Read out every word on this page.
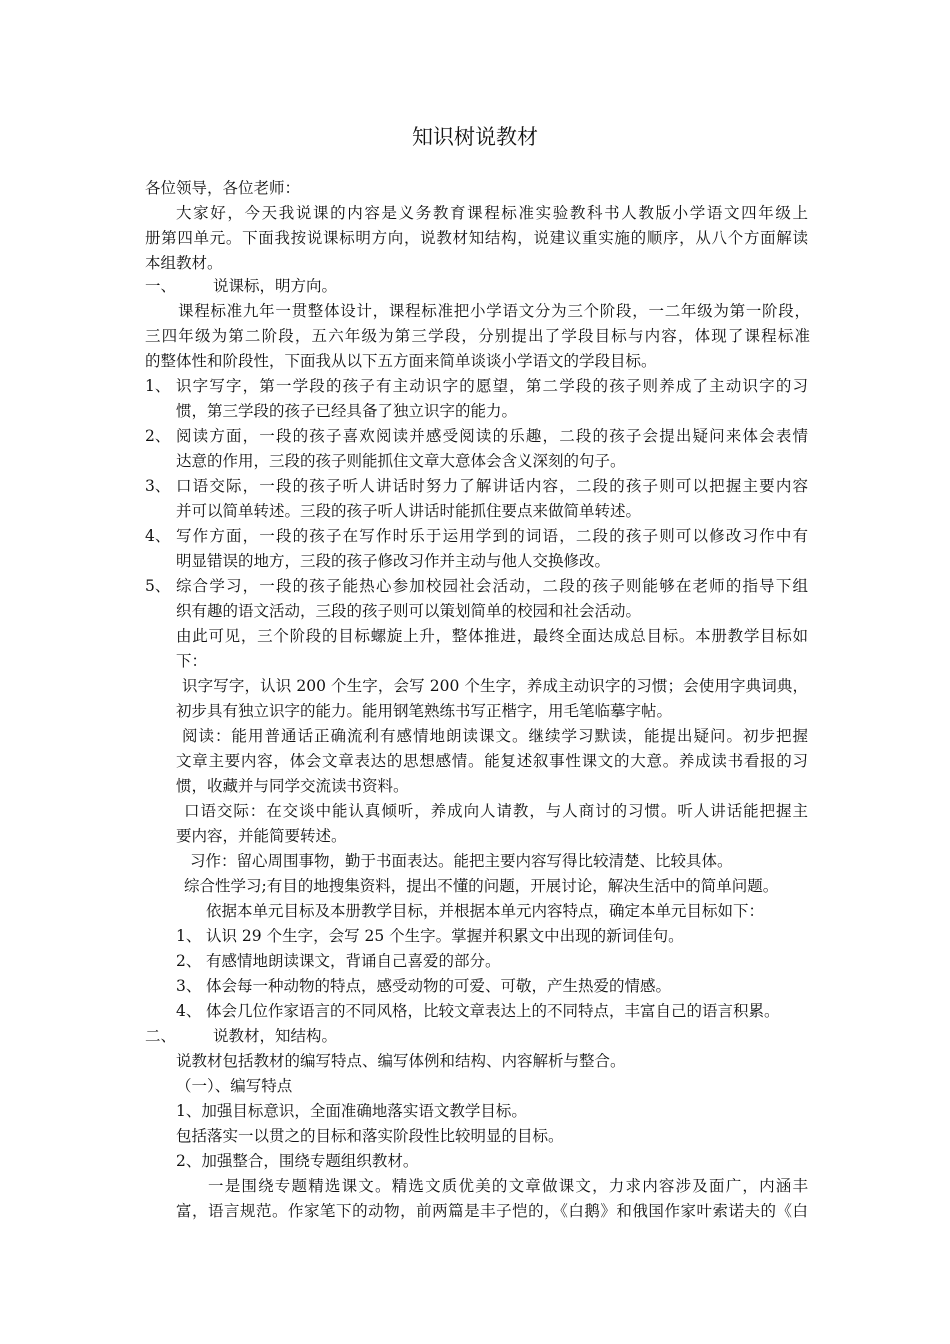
知识树说教材
各位领导，各位老师：
大家好，今天我说课的内容是义务教育课程标准实验教科书人教版小学语文四年级上
册第四单元。下面我按说课标明方向，说教材知结构，说建议重实施的顺序，从八个方面解读
本组教材。
一、 说课标，明方向。
课程标准九年一贯整体设计，课程标准把小学语文分为三个阶段，一二年级为第一阶段，
三四年级为第二阶段，五六年级为第三学段，分别提出了学段目标与内容，体现了课程标准
的整体性和阶段性，下面我从以下五方面来简单谈谈小学语文的学段目标。
1、 识字写字，第一学段的孩子有主动识字的愿望，第二学段的孩子则养成了主动识字的习
惯，第三学段的孩子已经具备了独立识字的能力。
2、 阅读方面，一段的孩子喜欢阅读并感受阅读的乐趣，二段的孩子会提出疑问来体会表情
达意的作用，三段的孩子则能抓住文章大意体会含义深刻的句子。
3、 口语交际，一段的孩子听人讲话时努力了解讲话内容，二段的孩子则可以把握主要内容
并可以简单转述。三段的孩子听人讲话时能抓住要点来做简单转述。
4、 写作方面，一段的孩子在写作时乐于运用学到的词语，二段的孩子则可以修改习作中有
明显错误的地方，三段的孩子修改习作并主动与他人交换修改。
5、 综合学习，一段的孩子能热心参加校园社会活动，二段的孩子则能够在老师的指导下组
织有趣的语文活动，三段的孩子则可以策划简单的校园和社会活动。
由此可见，三个阶段的目标螺旋上升，整体推进，最终全面达成总目标。本册教学目标如
下：
识字写字，认识 200 个生字，会写 200 个生字，养成主动识字的习惯；会使用字典词典，
初步具有独立识字的能力。能用钢笔熟练书写正楷字，用毛笔临摹字帖。
阅读：能用普通话正确流利有感情地朗读课文。继续学习默读，能提出疑问。初步把握
文章主要内容，体会文章表达的思想感情。能复述叙事性课文的大意。养成读书看报的习
惯，收藏并与同学交流读书资料。
口语交际：在交谈中能认真倾听，养成向人请教，与人商讨的习惯。听人讲话能把握主
要内容，并能简要转述。
习作：留心周围事物，勤于书面表达。能把主要内容写得比较清楚、比较具体。
综合性学习;有目的地搜集资料，提出不懂的问题，开展讨论，解决生活中的简单问题。
依据本单元目标及本册教学目标，并根据本单元内容特点，确定本单元目标如下：
1、 认识 29 个生字，会写 25 个生字。掌握并积累文中出现的新词佳句。
2、 有感情地朗读课文，背诵自己喜爱的部分。
3、 体会每一种动物的特点，感受动物的可爱、可敬，产生热爱的情感。
4、 体会几位作家语言的不同风格，比较文章表达上的不同特点，丰富自己的语言积累。
二、 说教材，知结构。
说教材包括教材的编写特点、编写体例和结构、内容解析与整合。
（一）、编写特点
1、加强目标意识，全面准确地落实语文教学目标。
包括落实一以贯之的目标和落实阶段性比较明显的目标。
2、加强整合，围绕专题组织教材。
一是围绕专题精选课文。精选文质优美的文章做课文，力求内容涉及面广，内涵丰
富，语言规范。作家笔下的动物，前两篇是丰子恺的，《白鹅》和俄国作家叶索诺夫的《白
